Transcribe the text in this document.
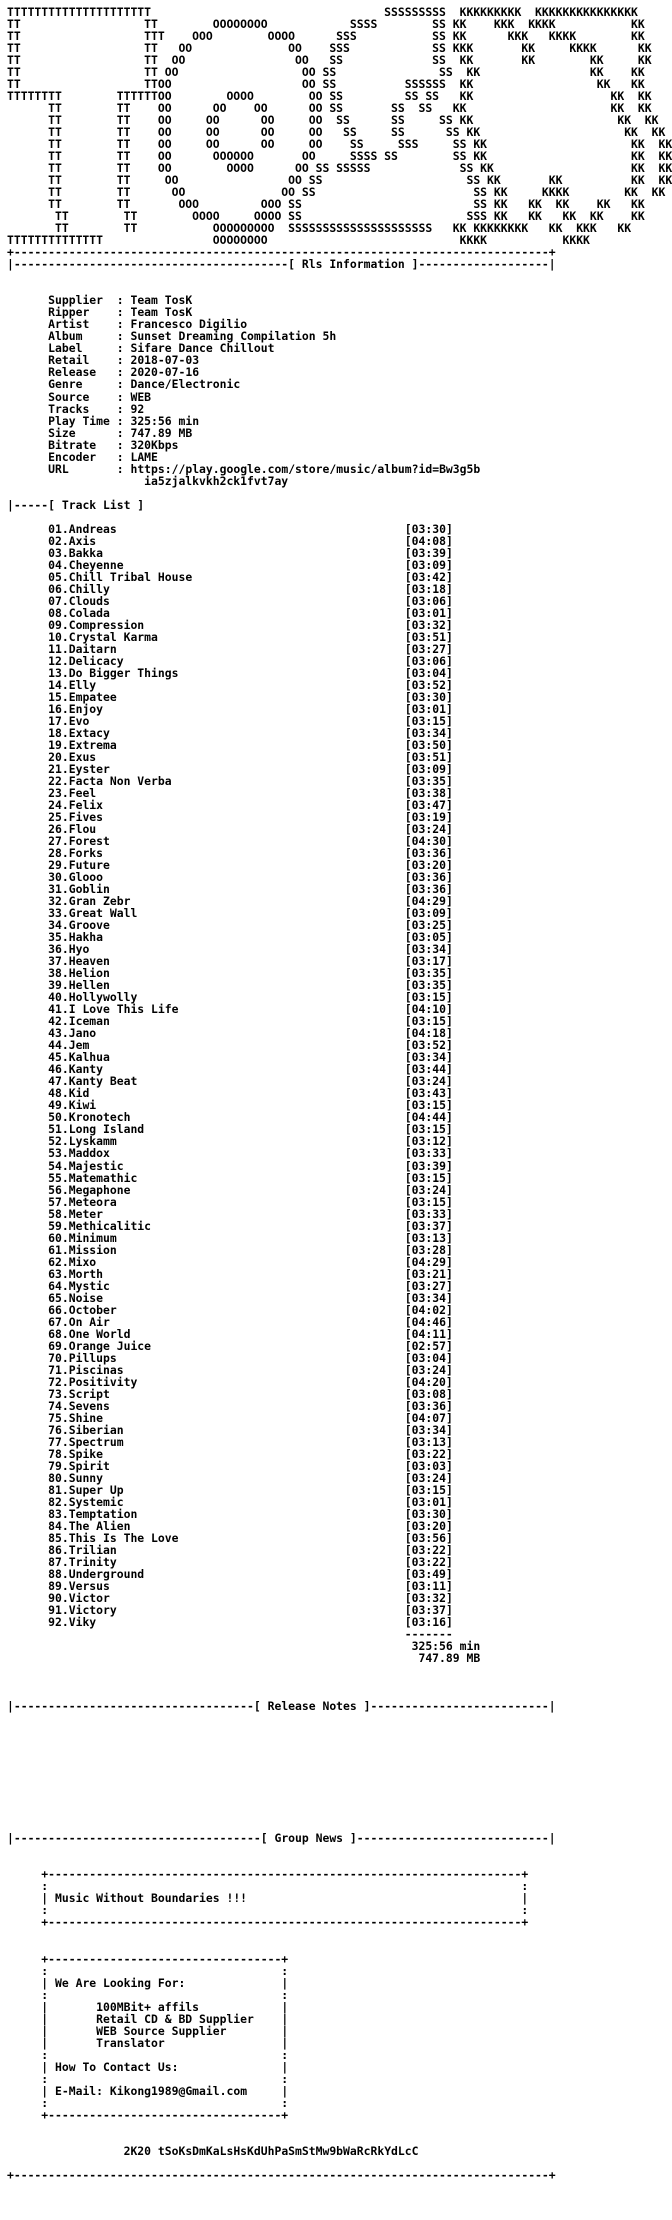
TTTTTTTTTTTTTTTTTTTTT                                  SSSSSSSSS  KKKKKKKKK  KKKKKKKKKKKKKKK
TT                  TT        OOOOOOOO            SSSS        SS KK    KKK  KKKK           KK
TT                  TTT    OOO        OOOO      SSS           SS KK      KKK   KKKK        KK
TT                  TT   OO              OO    SSS            SS KKK       KK     KKKK      KK
TT                  TT  OO                OO   SS             SS  KK       KK        KK     KK
TT                  TT OO                  OO SS               SS  KK                KK    KK
TT                  TTOO                   OO SS          SSSSSS  KK                  KK   KK
TTTTTTTT        TTTTTTOO        OOOO        OO SS         SS SS   KK                    KK  KK
TT        TT    OO      OO    OO      OO SS       SS  SS   KK                     KK  KK
TT        TT    OO     OO      OO     OO  SS      SS     SS KK                     KK  KK
TT        TT    OO     OO      OO     OO   SS     SS      SS KK                     KK  KK
TT        TT    OO     OO      OO     OO    SS     SSS     SS KK                     KK  KK
TT        TT    OO      OOOOOO       OO     SSSS SS        SS KK                     KK  KK
TT        TT    OO        OOOO      OO SS SSSSS             SS KK                    KK  KK
TT        TT     OO                OO SS                     SS KK       KK          KK  KK
TT        TT      OO              OO SS                       SS KK     KKKK        KK  KK
TT        TT       OOO         OOO SS                         SS KK   KK  KK    KK   KK
TT        TT        OOOO     OOOO SS                        SSS KK   KK   KK  KK    KK
TT        TT           OOOOOOOOO  SSSSSSSSSSSSSSSSSSSSS   KK KKKKKKKK   KK  KKK   KK
TTTTTTTTTTTTTT                OOOOOOOO                            KKKK           KKKK
+------------------------------------------------------------------------------+
|----------------------------------------[ Rls Information ]-------------------|

Supplier  : Team TosK
Ripper    : Team TosK
Artist    : Francesco Digilio
Album     : Sunset Dreaming Compilation 5h
Label     : Sifare Dance Chillout
Retail    : 2018-07-03
Release   : 2020-07-16
Genre     : Dance/Electronic
Source    : WEB
Tracks    : 92
Play Time : 325:56 min
Size      : 747.89 MB
Bitrate   : 320Kbps
Encoder   : LAME
URL       : https://play.google.com/store/music/album?id=Bw3g5b
ia5zjalkvkh2ck1fvt7ay

|-----[ Track List ]

01.Andreas                                          [03:30]
02.Axis                                             [04:08]
03.Bakka                                            [03:39]
04.Cheyenne                                         [03:09]
05.Chill Tribal House                               [03:42]
06.Chilly                                           [03:18]
07.Clouds                                           [03:06]
08.Colada                                           [03:01]
09.Compression                                      [03:32]
10.Crystal Karma                                    [03:51]
11.Daitarn                                          [03:27]
12.Delicacy                                         [03:06]
13.Do Bigger Things                                 [03:04]
14.Elly                                             [03:52]
15.Empatee                                          [03:30]
16.Enjoy                                            [03:01]
17.Evo                                              [03:15]
18.Extacy                                           [03:34]
19.Extrema                                          [03:50]
20.Exus                                             [03:51]
21.Eyster                                           [03:09]
22.Facta Non Verba                                  [03:35]
23.Feel                                             [03:38]
24.Felix                                            [03:47]
25.Fives                                            [03:19]
26.Flou                                             [03:24]
27.Forest                                           [04:30]
28.Forks                                            [03:36]
29.Future                                           [03:20]
30.Glooo                                            [03:36]
31.Goblin                                           [03:36]
32.Gran Zebr                                        [04:29]
33.Great Wall                                       [03:09]
34.Groove                                           [03:25]
35.Hakha                                            [03:05]
36.Hyo                                              [03:34]
37.Heaven                                           [03:17]
38.Helion                                           [03:35]
39.Hellen                                           [03:35]
40.Hollywolly                                       [03:15]
41.I Love This Life                                 [04:10]
42.Iceman                                           [03:15]
43.Jano                                             [04:18]
44.Jem                                              [03:52]
45.Kalhua                                           [03:34]
46.Kanty                                            [03:44]
47.Kanty Beat                                       [03:24]
48.Kid                                              [03:43]
49.Kiwi                                             [03:15]
50.Kronotech                                        [04:44]
51.Long Island                                      [03:15]
52.Lyskamm                                          [03:12]
53.Maddox                                           [03:33]
54.Majestic                                         [03:39]
55.Matemathic                                       [03:15]
56.Megaphone                                        [03:24]
57.Meteora                                          [03:15]
58.Meter                                            [03:33]
59.Methicalitic                                     [03:37]
60.Minimum                                          [03:13]
61.Mission                                          [03:28]
62.Mixo                                             [04:29]
63.Morth                                            [03:21]
64.Mystic                                           [03:27]
65.Noise                                            [03:34]
66.October                                          [04:02]
67.On Air                                           [04:46]
68.One World                                        [04:11]
69.Orange Juice                                     [02:57]
70.Pillups                                          [03:04]
71.Piscinas                                         [03:24]
72.Positivity                                       [04:20]
73.Script                                           [03:08]
74.Sevens                                           [03:36]
75.Shine                                            [04:07]
76.Siberian                                         [03:34]
77.Spectrum                                         [03:13]
78.Spike                                            [03:22]
79.Spirit                                           [03:03]
80.Sunny                                            [03:24]
81.Super Up                                         [03:15]
82.Systemic                                         [03:01]
83.Temptation                                       [03:30]
84.The Alien                                        [03:20]
85.This Is The Love                                 [03:56]
86.Trilian                                          [03:22]
87.Trinity                                          [03:22]
88.Underground                                      [03:49]
89.Versus                                           [03:11]
90.Victor                                           [03:32]
91.Victory                                          [03:37]
92.Viky                                             [03:16]
-------
325:56 min
747.89 MB

|-----------------------------------[ Release Notes ]--------------------------|

|------------------------------------[ Group News ]----------------------------|

+---------------------------------------------------------------------+
:                                                                     :
| Music Without Boundaries !!!                                        |
:                                                                     :
+---------------------------------------------------------------------+

+----------------------------------+
:                                  :
| We Are Looking For:              |
:                                  :
|       100MBit+ affils            |
|       Retail CD & BD Supplier    |
|       WEB Source Supplier        |
|       Translator                 |
:                                  :
| How To Contact Us:               |
:                                  :
| E-Mail: Kikong1989@Gmail.com     |
:                                  :
+----------------------------------+

2K20 tSoKsDmKaLsHsKdUhPaSmStMw9bWaRcRkYdLcC

+------------------------------------------------------------------------------+
